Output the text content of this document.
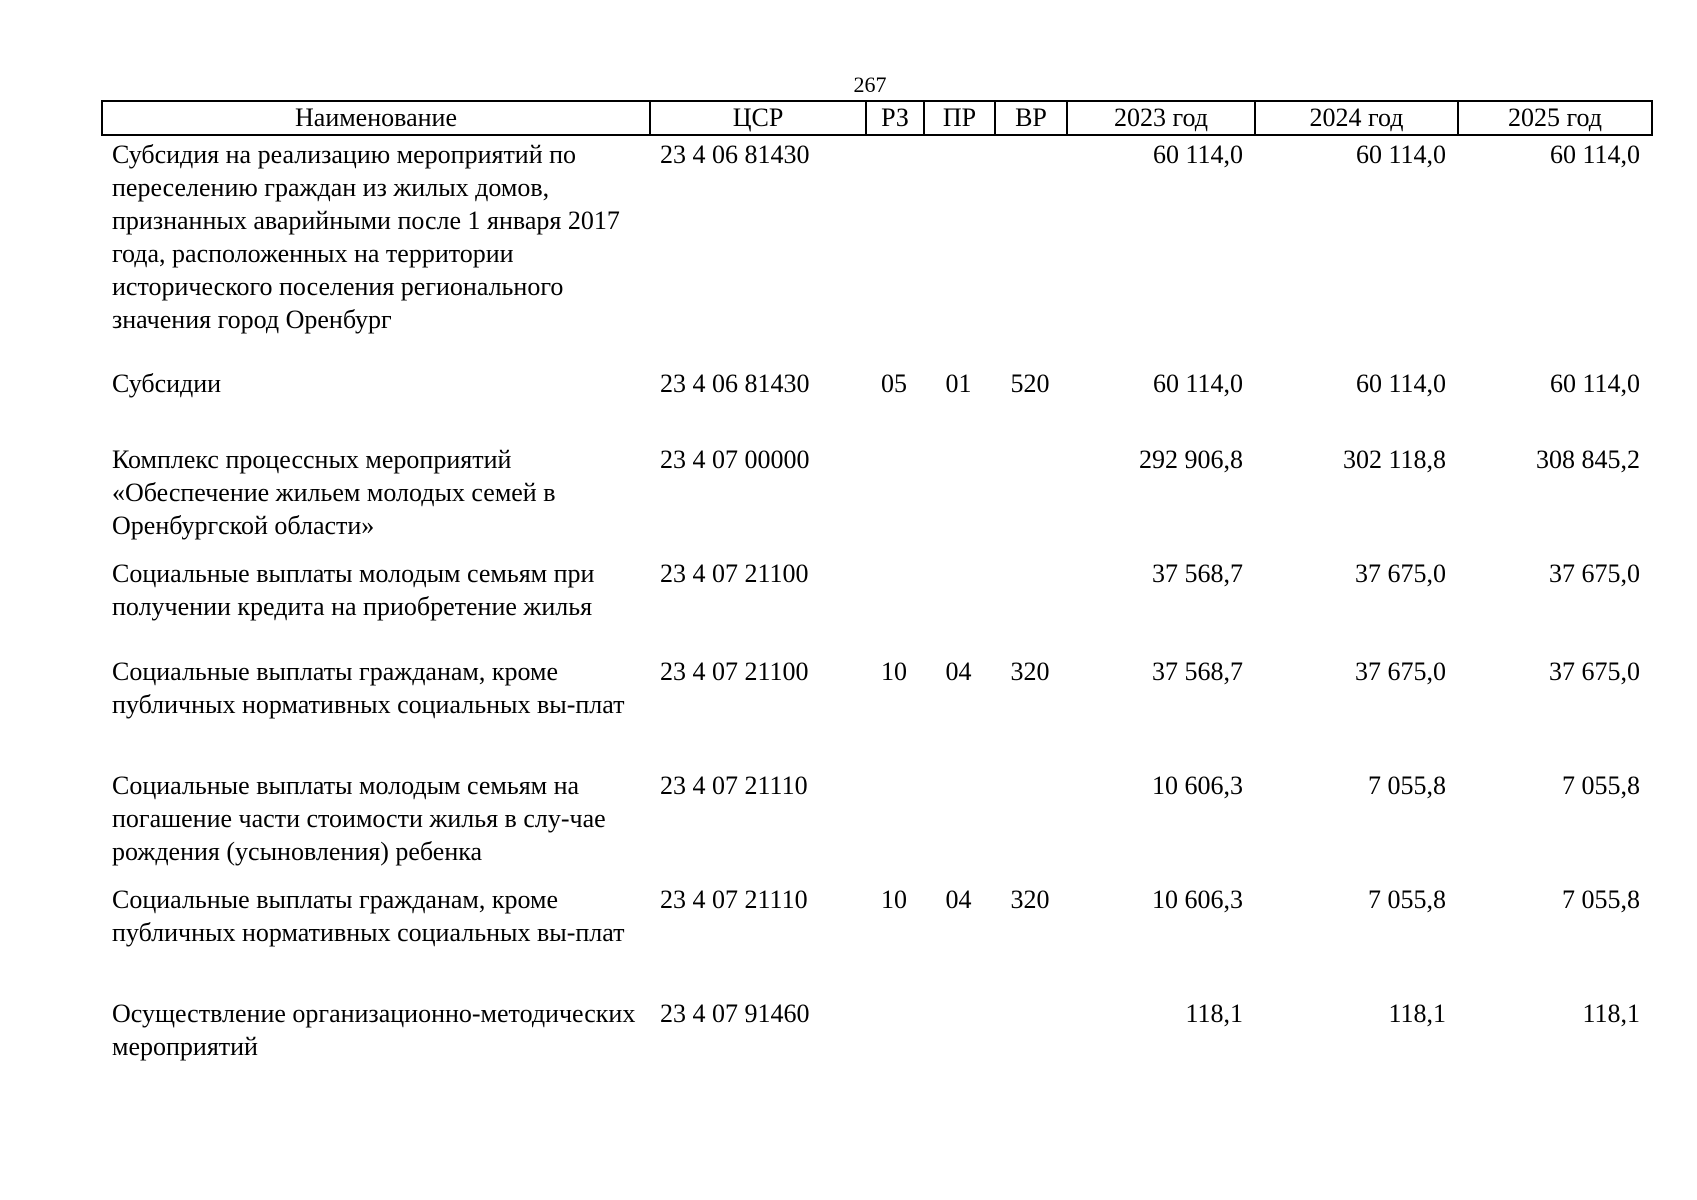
267
Наименование	ЦСР	РЗ	ПР	ВР	2023 год	2024 год	2025 год
Субсидия на реализацию мероприятий по переселению граждан из жилых домов, признанных аварийными после 1 января 2017 года, расположенных на территории исторического поселения регионального значения город Оренбург	23 4 06 81430				60 114,0	60 114,0	60 114,0
Субсидии	23 4 06 81430	05	01	520	60 114,0	60 114,0	60 114,0
Комплекс процессных мероприятий «Обеспечение жильем молодых семей в Оренбургской области»	23 4 07 00000				292 906,8	302 118,8	308 845,2
Социальные выплаты молодым семьям при получении кредита на приобретение жилья	23 4 07 21100				37 568,7	37 675,0	37 675,0
Социальные выплаты гражданам, кроме публичных нормативных социальных вы-плат	23 4 07 21100	10	04	320	37 568,7	37 675,0	37 675,0
Социальные выплаты молодым семьям на погашение части стоимости жилья в слу-чае рождения (усыновления) ребенка	23 4 07 21110				10 606,3	7 055,8	7 055,8
Социальные выплаты гражданам, кроме публичных нормативных социальных вы-плат	23 4 07 21110	10	04	320	10 606,3	7 055,8	7 055,8
Осуществление организационно-методических мероприятий	23 4 07 91460				118,1	118,1	118,1
